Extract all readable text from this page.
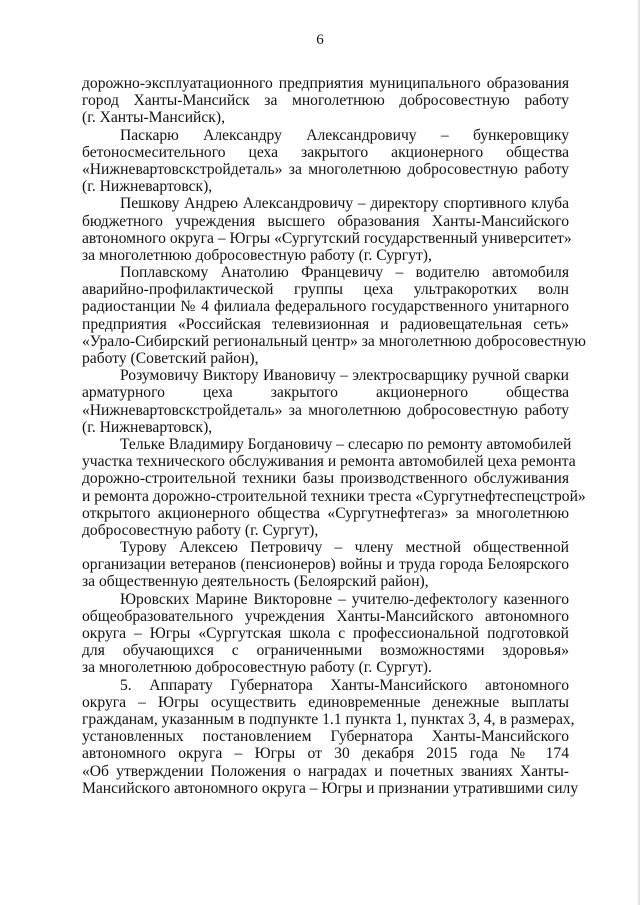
6
дорожно-эксплуатационного предприятия муниципального образования
город Ханты-Мансийск за многолетнюю добросовестную работу
(г. Ханты-Мансийск),
Паскарю Александру Александровичу – бункеровщику
бетоносмесительного цеха закрытого акционерного общества
«Нижневартовскстройдеталь» за многолетнюю добросовестную работу
(г. Нижневартовск),
Пешкову Андрею Александровичу – директору спортивного клуба
бюджетного учреждения высшего образования Ханты-Мансийского
автономного округа – Югры «Сургутский государственный университет»
за многолетнюю добросовестную работу (г. Сургут),
Поплавскому Анатолию Францевичу – водителю автомобиля
аварийно-профилактической группы цеха ультракоротких волн
радиостанции № 4 филиала федерального государственного унитарного
предприятия «Российская телевизионная и радиовещательная сеть»
«Урало-Сибирский региональный центр» за многолетнюю добросовестную
работу (Советский район),
Розумовичу Виктору Ивановичу – электросварщику ручной сварки
арматурного цеха закрытого акционерного общества
«Нижневартовскстройдеталь» за многолетнюю добросовестную работу
(г. Нижневартовск),
Тельке Владимиру Богдановичу – слесарю по ремонту автомобилей
участка технического обслуживания и ремонта автомобилей цеха ремонта
дорожно-строительной техники базы производственного обслуживания
и ремонта дорожно-строительной техники треста «Сургутнефтеспецстрой»
открытого акционерного общества «Сургутнефтегаз» за многолетнюю
добросовестную работу (г. Сургут),
Турову Алексею Петровичу – члену местной общественной
организации ветеранов (пенсионеров) войны и труда города Белоярского
за общественную деятельность (Белоярский район),
Юровских Марине Викторовне – учителю-дефектологу казенного
общеобразовательного учреждения Ханты-Мансийского автономного
округа – Югры «Сургутская школа с профессиональной подготовкой
для обучающихся с ограниченными возможностями здоровья»
за многолетнюю добросовестную работу (г. Сургут).
5. Аппарату Губернатора Ханты-Мансийского автономного
округа – Югры осуществить единовременные денежные выплаты
гражданам, указанным в подпункте 1.1 пункта 1, пунктах 3, 4, в размерах,
установленных постановлением Губернатора Ханты-Мансийского
автономного округа – Югры от 30 декабря 2015 года № 174
«Об утверждении Положения о наградах и почетных званиях Ханты-
Мансийского автономного округа – Югры и признании утратившими силу
